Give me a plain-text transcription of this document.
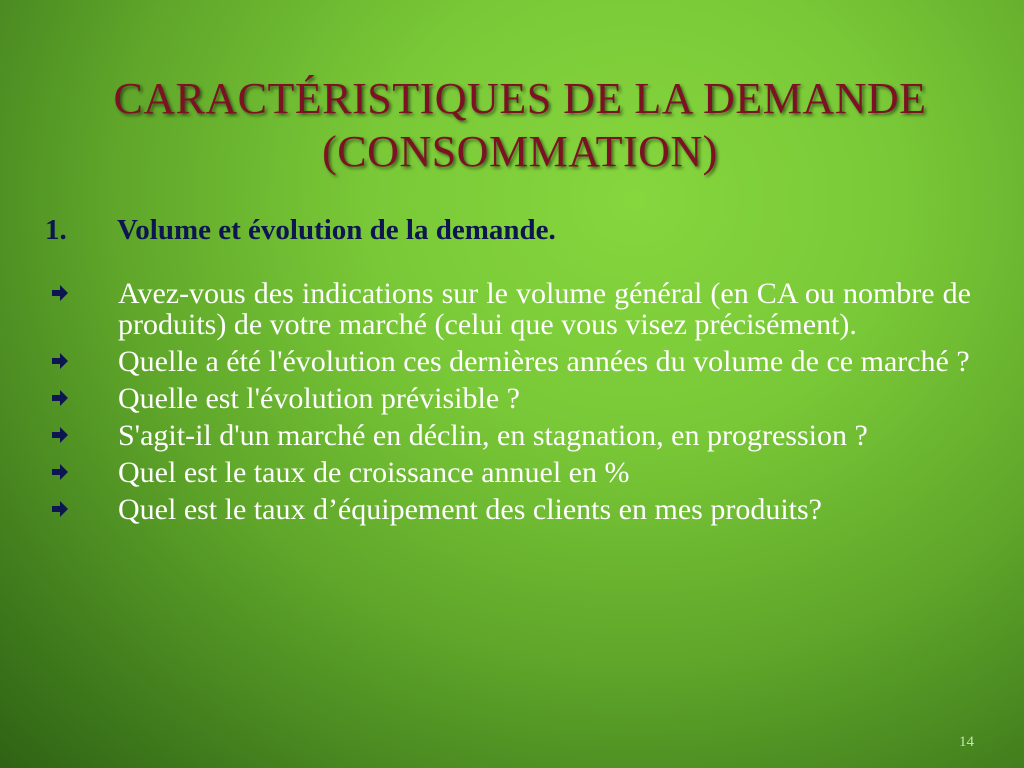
CARACTÉRISTIQUES DE LA DEMANDE
(CONSOMMATION)
1. Volume et évolution de la demande.
Avez-vous des indications sur le volume général (en CA ou nombre de produits) de votre marché (celui que vous visez précisément).
Quelle a été l'évolution ces dernières années du volume de ce marché ?
Quelle est l'évolution prévisible ?
S'agit-il d'un marché en déclin, en stagnation, en progression ?
Quel est le taux de croissance annuel en %
Quel est le taux d’équipement des clients en mes produits?
14
